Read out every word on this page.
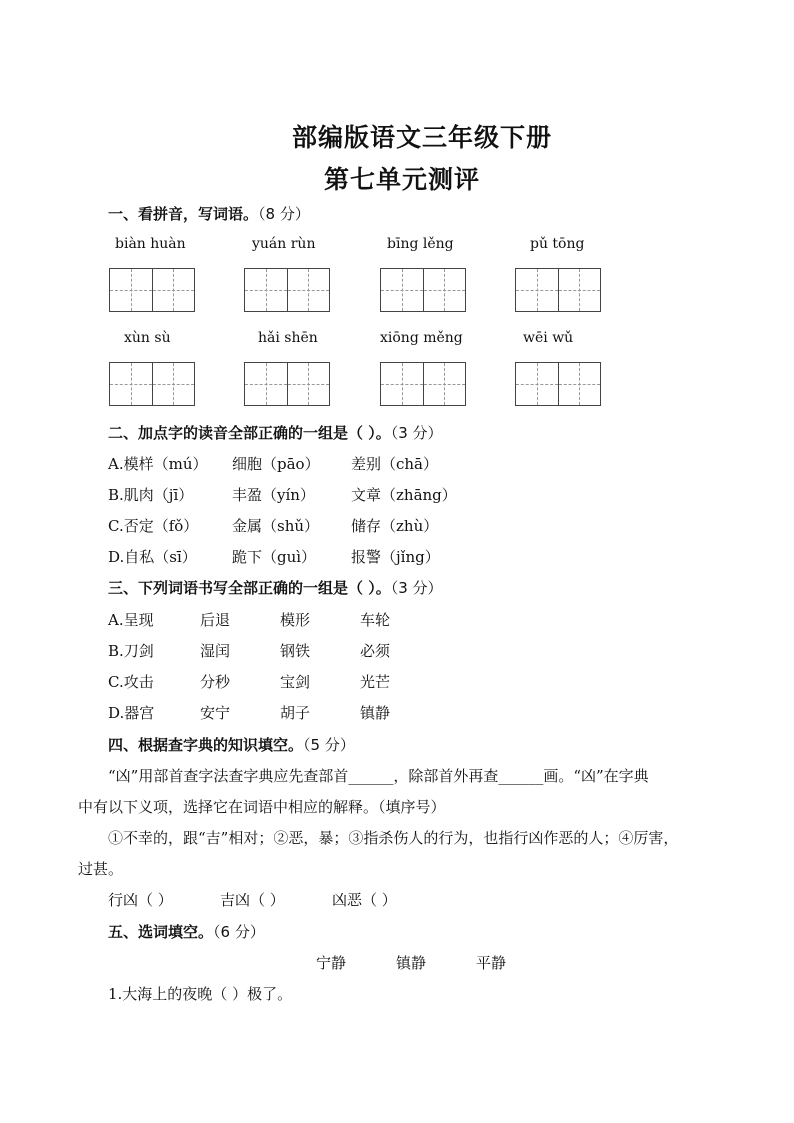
部编版语文三年级下册
第七单元测评
一、看拼音，写词语。（8 分）
biàn huàn	yuán rùn	bīng lěng	pǔ tōng
xùn sù	hǎi shēn	xiōng měng	wēi wǔ
二、加点字的读音全部正确的一组是（ ）。（3 分）
A.模样（mú） 细胞（pāo） 差别（chā）
B.肌肉（jī）	丰盈（yín） 文章（zhāng）
C.否定（fǒ） 金属（shǔ） 储存（zhù）
D.自私（sī） 跪下（guì） 报警（jǐng）
三、下列词语书写全部正确的一组是（ ）。（3 分）
A.呈现	后退	模形	车轮
B.刀剑	湿闰	钢铁	必须
C.攻击	分秒	宝剑	光芒
D.器宫	安宁	胡子	镇静
四、根据查字典的知识填空。（5 分）
“凶”用部首查字法查字典应先查部首______，除部首外再查______画。“凶”在字典
中有以下义项，选择它在词语中相应的解释。（填序号）
①不幸的，跟“吉”相对；②恶，暴；③指杀伤人的行为，也指行凶作恶的人；④厉害，
过甚。
行凶（ ）	吉凶（ ）	凶恶（ ）
五、选词填空。（6 分）
宁静	镇静	平静
1.大海上的夜晚（ ）极了。
